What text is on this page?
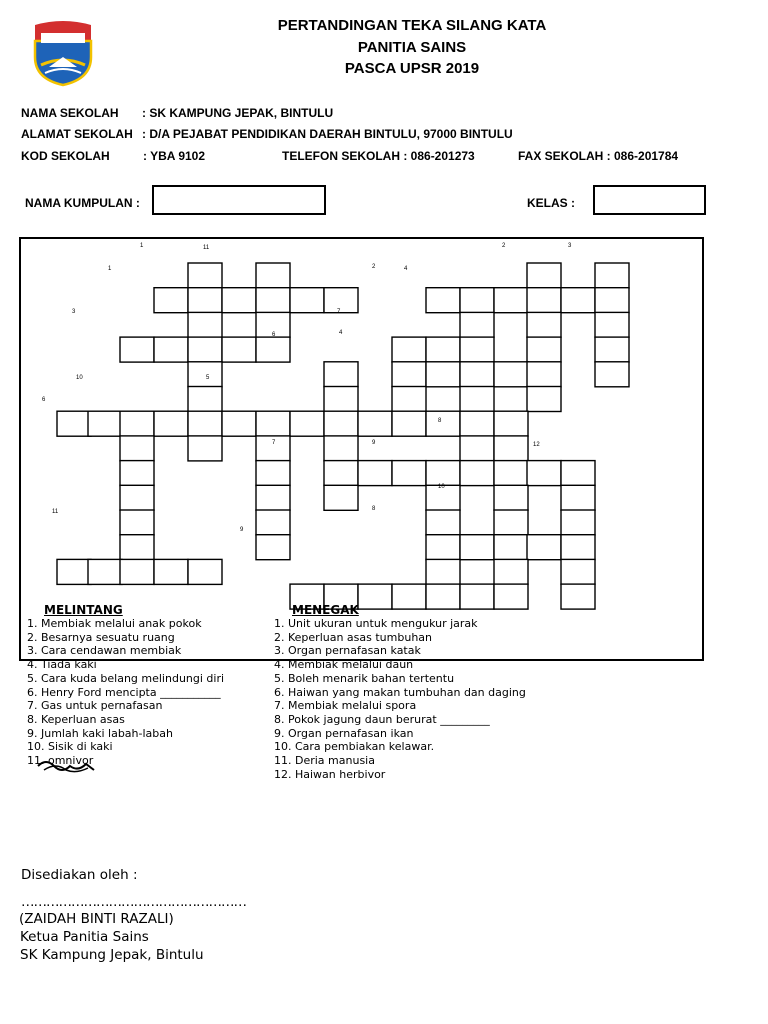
PERTANDINGAN TEKA SILANG KATA
PANITIA SAINS
PASCA UPSR 2019
NAMA SEKOLAH : SK KAMPUNG JEPAK, BINTULU
ALAMAT SEKOLAH : D/A PEJABAT PENDIDIKAN DAERAH BINTULU, 97000 BINTULU
KOD SEKOLAH	: YBA 9102	TELEFON SEKOLAH : 086-201273	FAX SEKOLAH : 086-201784
NAMA KUMPULAN :	KELAS :
1	11	2	3
1	2	4
3	7
6	4
10	5
6
8
7	9	12
10
11	8
9
MELINTANG
1. Membiak melalui anak pokok
2. Besarnya sesuatu ruang
3. Cara cendawan membiak
4. Tiada kaki
5. Cara kuda belang melindungi diri
6. Henry Ford mencipta ___________
7. Gas untuk pernafasan
8. Keperluan asas
9. Jumlah kaki labah-labah
10. Sisik di kaki
11. omnivor
MENEGAK
1. Unit ukuran untuk mengukur jarak
2. Keperluan asas tumbuhan
3. Organ pernafasan katak
4. Membiak melalui daun
5. Boleh menarik bahan tertentu
6. Haiwan yang makan tumbuhan dan daging
7. Membiak melalui spora
8. Pokok jagung daun berurat _________
9. Organ pernafasan ikan
10. Cara pembiakan kelawar.
11. Deria manusia
12. Haiwan herbivor
Disediakan oleh :
………………………………………………
(ZAIDAH BINTI RAZALI)
Ketua Panitia Sains
SK Kampung Jepak, Bintulu
